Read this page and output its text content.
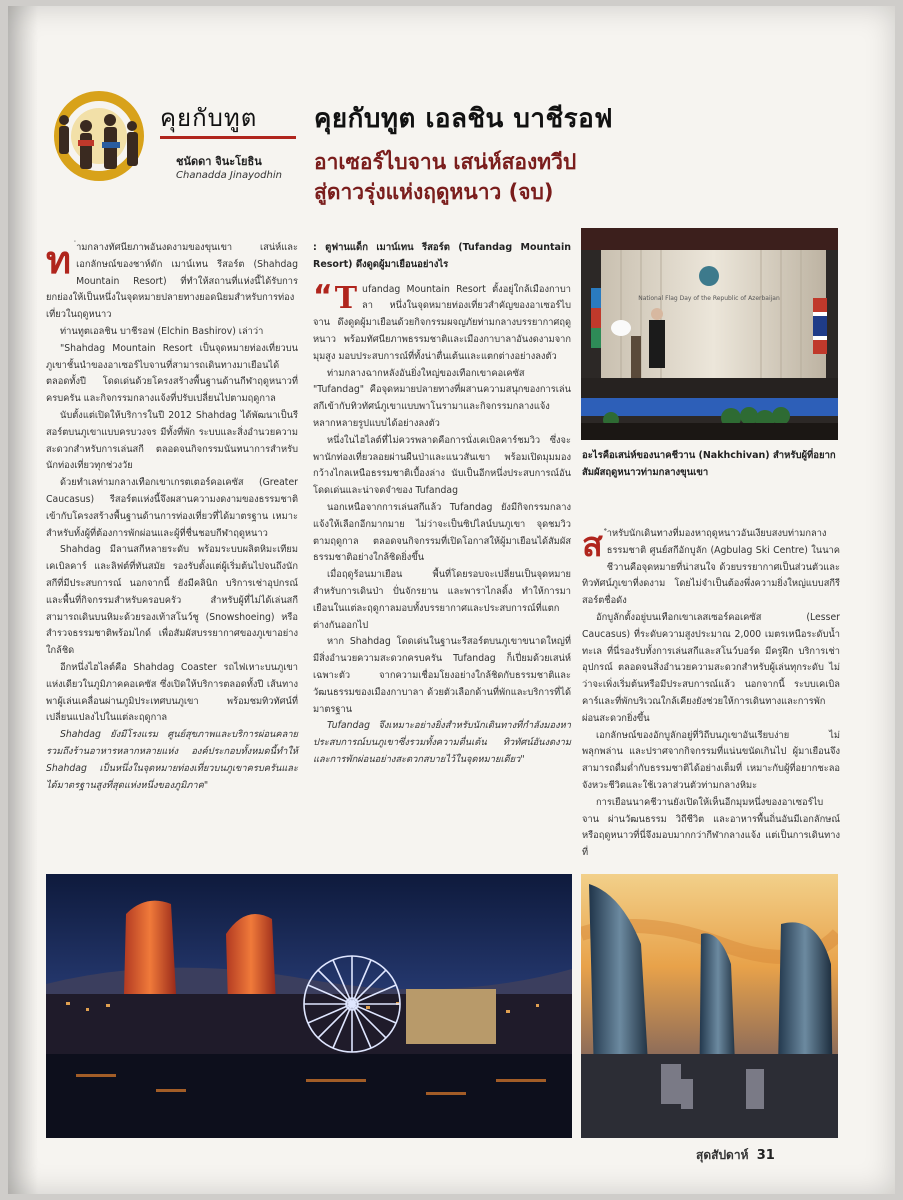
คุยกับทูต
ชนัดดา จินะโยธิน
Chanadda Jinayodhin
คุยกับทูต เอลชิน บาชีรอฟ
อาเซอร์ไบจาน เสน่ห์สองทวีป
สู่ดาวรุ่งแห่งฤดูหนาว (จบ)
ท ่ามกลางทัศนียภาพอันงดงามของขุนเขา เสน่ห์และเอกลักษณ์ของชาห์ดัก เมาน์เทน รีสอร์ต (Shahdag Mountain Resort) ที่ทำให้สถานที่แห่งนี้ได้รับการยกย่องให้เป็นหนึ่งในจุดหมายปลายทางยอดนิยมสำหรับการท่องเที่ยวในฤดูหนาว

ท่านทูตเอลชิน บาชีรอฟ (Elchin Bashirov) เล่าว่า

"Shahdag Mountain Resort เป็นจุดหมายท่องเที่ยวบนภูเขาชั้นนำของอาเซอร์ไบจานที่สามารถเดินทางมาเยือนได้ตลอดทั้งปี โดดเด่นด้วยโครงสร้างพื้นฐานด้านกีฬาฤดูหนาวที่ครบครัน และกิจกรรมกลางแจ้งที่ปรับเปลี่ยนไปตามฤดูกาล

นับตั้งแต่เปิดให้บริการในปี 2012 Shahdag ได้พัฒนาเป็นรีสอร์ตบนภูเขาแบบครบวงจร มีทั้งที่พัก ระบบและสิ่งอำนวยความสะดวกสำหรับการเล่นสกี ตลอดจนกิจกรรมนันทนาการสำหรับนักท่องเที่ยวทุกช่วงวัย

ด้วยทำเลท่ามกลางเทือกเขาเกรตเตอร์คอเคซัส (Greater Caucasus) รีสอร์ตแห่งนี้จึงผสานความงดงามของธรรมชาติเข้ากับโครงสร้างพื้นฐานด้านการท่องเที่ยวที่ได้มาตรฐาน เหมาะสำหรับทั้งผู้ที่ต้องการพักผ่อนและผู้ที่ชื่นชอบกีฬาฤดูหนาว

Shahdag มีลานสกีหลายระดับ พร้อมระบบผลิตหิมะเทียม เคเบิลคาร์ และลิฟต์ที่ทันสมัย รองรับตั้งแต่ผู้เริ่มต้นไปจนถึงนักสกีที่มีประสบการณ์ นอกจากนี้ ยังมีคลินิก บริการเช่าอุปกรณ์ และพื้นที่กิจกรรมสำหรับครอบครัว สำหรับผู้ที่ไม่ได้เล่นสกี สามารถเดินบนหิมะด้วยรองเท้าสโนว์ชู (Snowshoeing) หรือสำรวจธรรมชาติพร้อมไกด์ เพื่อสัมผัสบรรยากาศของภูเขาอย่างใกล้ชิด

อีกหนึ่งไฮไลต์คือ Shahdag Coaster รถไฟเหาะบนภูเขาแห่งเดียวในภูมิภาคคอเคซัส ซึ่งเปิดให้บริการตลอดทั้งปี เส้นทางพาผู้เล่นเคลื่อนผ่านภูมิประเทศบนภูเขา พร้อมชมทิวทัศน์ที่เปลี่ยนแปลงไปในแต่ละฤดูกาล

Shahdag ยังมีโรงแรม ศูนย์สุขภาพและบริการผ่อนคลาย รวมถึงร้านอาหารหลากหลายแห่ง องค์ประกอบทั้งหมดนี้ทำให้ Shahdag เป็นหนึ่งในจุดหมายท่องเที่ยวบนภูเขาครบครันและได้มาตรฐานสูงที่สุดแห่งหนึ่งของภูมิภาค"

: ตูฟานแด็ก เมาน์เทน รีสอร์ต (Tufandag Mountain Resort) ดึงดูดผู้มาเยือนอย่างไร

“ T ufandag Mountain Resort ตั้งอยู่ใกล้เมืองกาบาลา หนึ่งในจุดหมายท่องเที่ยวสำคัญของอาเซอร์ไบจาน ดึงดูดผู้มาเยือนด้วยกิจกรรมผจญภัยท่ามกลางบรรยากาศฤดูหนาว พร้อมทัศนียภาพธรรมชาติและเมืองกาบาลาอันงดงามจากมุมสูง มอบประสบการณ์ที่ทั้งน่าตื่นเต้นและแตกต่างอย่างลงตัว

ท่ามกลางฉากหลังอันยิ่งใหญ่ของเทือกเขาคอเคซัส "Tufandag" คือจุดหมายปลายทางที่ผสานความสนุกของการเล่นสกีเข้ากับทิวทัศน์ภูเขาแบบพาโนรามาและกิจกรรมกลางแจ้งหลากหลายรูปแบบได้อย่างลงตัว

หนึ่งในไฮไลต์ที่ไม่ควรพลาดคือการนั่งเคเบิลคาร์ชมวิว ซึ่งจะพานักท่องเที่ยวลอยผ่านผืนป่าและแนวสันเขา พร้อมเปิดมุมมองกว้างไกลเหนือธรรมชาติเบื้องล่าง นับเป็นอีกหนึ่งประสบการณ์อันโดดเด่นและน่าจดจำของ Tufandag

นอกเหนือจากการเล่นสกีแล้ว Tufandag ยังมีกิจกรรมกลางแจ้งให้เลือกอีกมากมาย ไม่ว่าจะเป็นซิปไลน์บนภูเขา จุดชมวิวตามฤดูกาล ตลอดจนกิจกรรมที่เปิดโอกาสให้ผู้มาเยือนได้สัมผัสธรรมชาติอย่างใกล้ชิดยิ่งขึ้น

เมื่อฤดูร้อนมาเยือน พื้นที่โดยรอบจะเปลี่ยนเป็นจุดหมายสำหรับการเดินป่า ปั่นจักรยาน และพาราไกลดิ้ง ทำให้การมาเยือนในแต่ละฤดูกาลมอบทั้งบรรยากาศและประสบการณ์ที่แตกต่างกันออกไป

หาก Shahdag โดดเด่นในฐานะรีสอร์ตบนภูเขาขนาดใหญ่ที่มีสิ่งอำนวยความสะดวกครบครัน Tufandag ก็เปี่ยมด้วยเสน่ห์เฉพาะตัว จากความเชื่อมโยงอย่างใกล้ชิดกับธรรมชาติและวัฒนธรรมของเมืองกาบาลา ด้วยตัวเลือกด้านที่พักและบริการที่ได้มาตรฐาน

Tufandag จึงเหมาะอย่างยิ่งสำหรับนักเดินทางที่กำลังมองหาประสบการณ์บนภูเขาซึ่งรวมทั้งความตื่นเต้น ทิวทัศน์อันงดงาม และการพักผ่อนอย่างสะดวกสบายไว้ในจุดหมายเดียว"

National Flag Day of the Republic of Azerbaijan
อะไรคือเสน่ห์ของนาคชีวาน (Nakhchivan) สำหรับผู้ที่อยากสัมผัสฤดูหนาวท่ามกลางขุนเขา
ส ำหรับนักเดินทางที่มองหาฤดูหนาวอันเงียบสงบท่ามกลางธรรมชาติ ศูนย์สกีอักบูลัก (Agbulag Ski Centre) ในนาคชีวานคือจุดหมายที่น่าสนใจ ด้วยบรรยากาศเป็นส่วนตัวและทิวทัศน์ภูเขาที่งดงาม โดยไม่จำเป็นต้องพึ่งความยิ่งใหญ่แบบสกีรีสอร์ตชื่อดัง

อักบูลักตั้งอยู่บนเทือกเขาเลสเซอร์คอเคซัส (Lesser Caucasus) ที่ระดับความสูงประมาณ 2,000 เมตรเหนือระดับน้ำทะเล ที่นี่รองรับทั้งการเล่นสกีและสโนว์บอร์ด มีครูฝึก บริการเช่าอุปกรณ์ ตลอดจนสิ่งอำนวยความสะดวกสำหรับผู้เล่นทุกระดับ ไม่ว่าจะเพิ่งเริ่มต้นหรือมีประสบการณ์แล้ว นอกจากนี้ ระบบเคเบิลคาร์และที่พักบริเวณใกล้เคียงยังช่วยให้การเดินทางและการพักผ่อนสะดวกยิ่งขึ้น

เอกลักษณ์ของอักบูลักอยู่ที่วิถีบนภูเขาอันเรียบง่าย ไม่พลุกพล่าน และปราศจากกิจกรรมที่แน่นขนัดเกินไป ผู้มาเยือนจึงสามารถดื่มด่ำกับธรรมชาติได้อย่างเต็มที่ เหมาะกับผู้ที่อยากชะลอจังหวะชีวิตและใช้เวลาส่วนตัวท่ามกลางหิมะ

การเยือนนาคชีวานยังเปิดให้เห็นอีกมุมหนึ่งของอาเซอร์ไบจาน ผ่านวัฒนธรรม วิถีชีวิต และอาหารพื้นถิ่นอันมีเอกลักษณ์ หรือฤดูหนาวที่นี่จึงมอบมากกว่ากีฬากลางแจ้ง แต่เป็นการเดินทางที่

สุดสัปดาห์ 31
